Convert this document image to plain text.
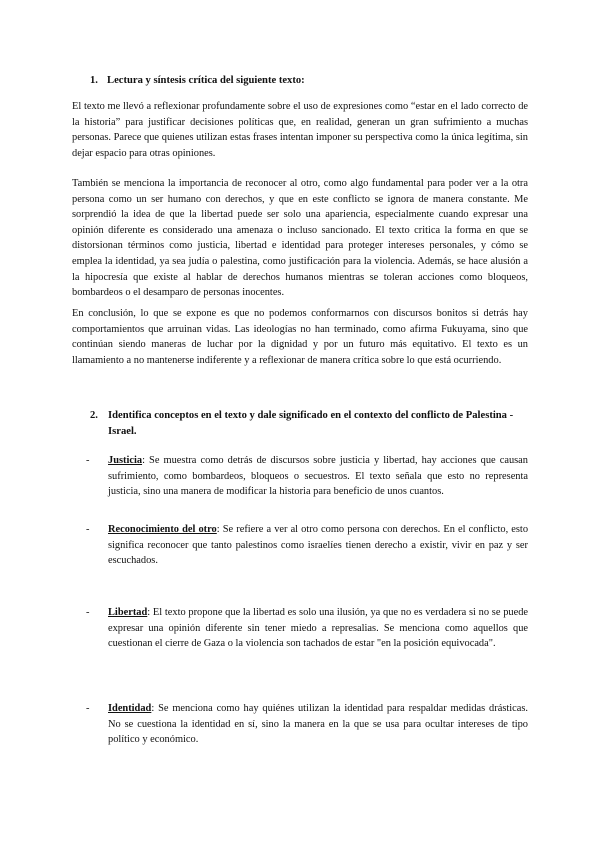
1. Lectura y síntesis crítica del siguiente texto:

El texto me llevó a reflexionar profundamente sobre el uso de expresiones como “estar en el lado correcto de la historia” para justificar decisiones políticas que, en realidad, generan un gran sufrimiento a muchas personas. Parece que quienes utilizan estas frases intentan imponer su perspectiva como la única legítima, sin dejar espacio para otras opiniones.

También se menciona la importancia de reconocer al otro, como algo fundamental para poder ver a la otra persona como un ser humano con derechos, y que en este conflicto se ignora de manera constante. Me sorprendió la idea de que la libertad puede ser solo una apariencia, especialmente cuando expresar una opinión diferente es considerado una amenaza o incluso sancionado. El texto critica la forma en que se distorsionan términos como justicia, libertad e identidad para proteger intereses personales, y cómo se emplea la identidad, ya sea judía o palestina, como justificación para la violencia. Además, se hace alusión a la hipocresía que existe al hablar de derechos humanos mientras se toleran acciones como bloqueos, bombardeos o el desamparo de personas inocentes.

En conclusión, lo que se expone es que no podemos conformarnos con discursos bonitos si detrás hay comportamientos que arruinan vidas. Las ideologías no han terminado, como afirma Fukuyama, sino que continúan siendo maneras de luchar por la dignidad y por un futuro más equitativo. El texto es un llamamiento a no mantenerse indiferente y a reflexionar de manera crítica sobre lo que está ocurriendo.

2. Identifica conceptos en el texto y dale significado en el contexto del conflicto de Palestina - Israel.
- Justicia: Se muestra como detrás de discursos sobre justicia y libertad, hay acciones que causan sufrimiento, como bombardeos, bloqueos o secuestros. El texto señala que esto no representa justicia, sino una manera de modificar la historia para beneficio de unos cuantos.
- Reconocimiento del otro: Se refiere a ver al otro como persona con derechos. En el conflicto, esto significa reconocer que tanto palestinos como israelíes tienen derecho a existir, vivir en paz y ser escuchados.
- Libertad: El texto propone que la libertad es solo una ilusión, ya que no es verdadera si no se puede expresar una opinión diferente sin tener miedo a represalias. Se menciona como aquellos que cuestionan el cierre de Gaza o la violencia son tachados de estar "en la posición equivocada".
- Identidad: Se menciona como hay quiénes utilizan la identidad para respaldar medidas drásticas. No se cuestiona la identidad en sí, sino la manera en la que se usa para ocultar intereses de tipo político y económico.
